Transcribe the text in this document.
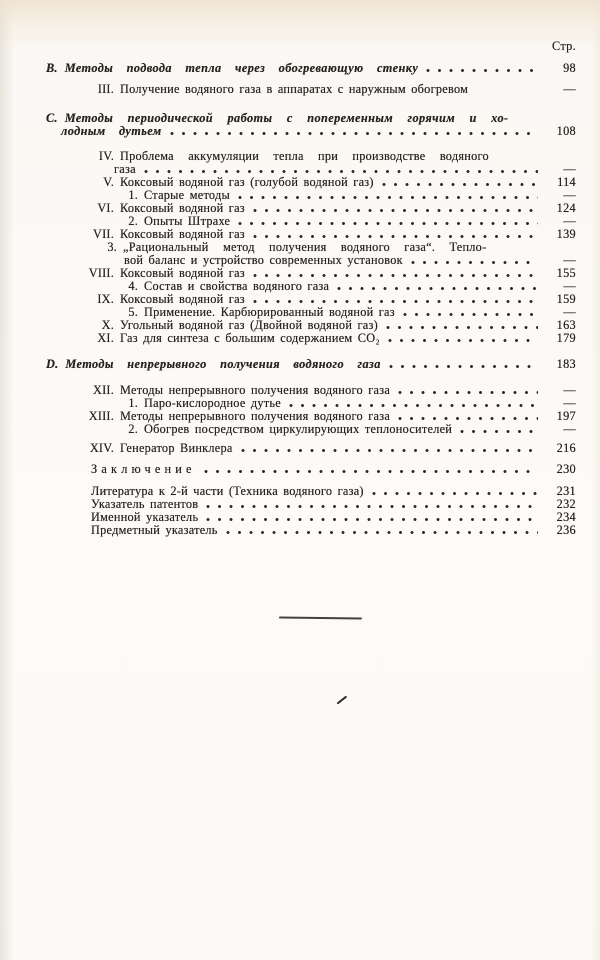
Стр.
B. Методы подвода тепла через обогревающую стенку	98
III. Получение водяного газа в аппаратах с наружным обогревом	—
C. Методы периодической работы с попеременным горячим и хо-
лодным дутьем	108
IV. Проблема аккумуляции тепла при производстве водяного
газа	—
V. Коксовый водяной газ (голубой водяной газ)	114
1. Старые методы	—
VI. Коксовый водяной газ	124
2. Опыты Штрахе	—
VII. Коксовый водяной газ	139
3. „Рациональный метод получения водяного газа“. Тепло-
вой баланс и устройство современных установок	—
VIII. Коксовый водяной газ	155
4. Состав и свойства водяного газа	—
IX. Коксовый водяной газ	159
5. Применение. Карбюрированный водяной газ	—
X. Угольный водяной газ (Двойной водяной газ)	163
XI. Газ для синтеза с большим содержанием CO₂	179
D. Методы непрерывного получения водяного газа	183
XII. Методы непрерывного получения водяного газа	—
1. Паро-кислородное дутье	—
XIII. Методы непрерывного получения водяного газа	197
2. Обогрев посредством циркулирующих теплоносителей	—
XIV. Генератор Винклера	216
Заключение	230
Литература к 2-й части (Техника водяного газа)	231
Указатель патентов	232
Именной указатель	234
Предметный указатель	236
